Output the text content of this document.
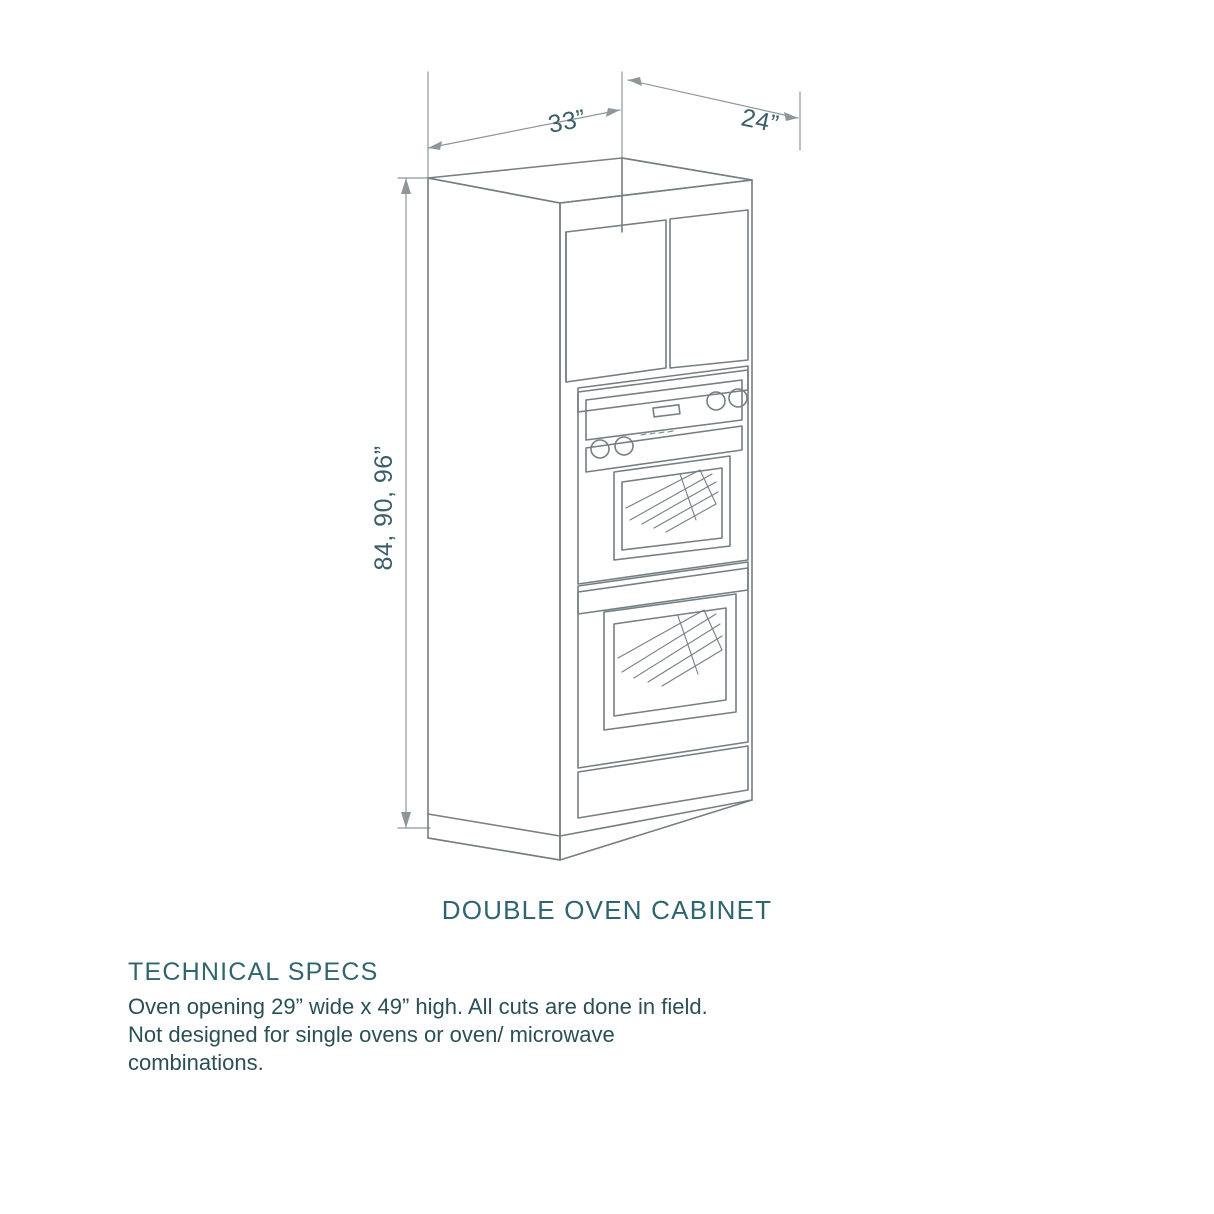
33”	24”
84, 90, 96”
DOUBLE OVEN CABINET
TECHNICAL SPECS
Oven opening 29” wide x 49” high. All cuts are done in field. Not designed for single ovens or oven/ microwave combinations.
